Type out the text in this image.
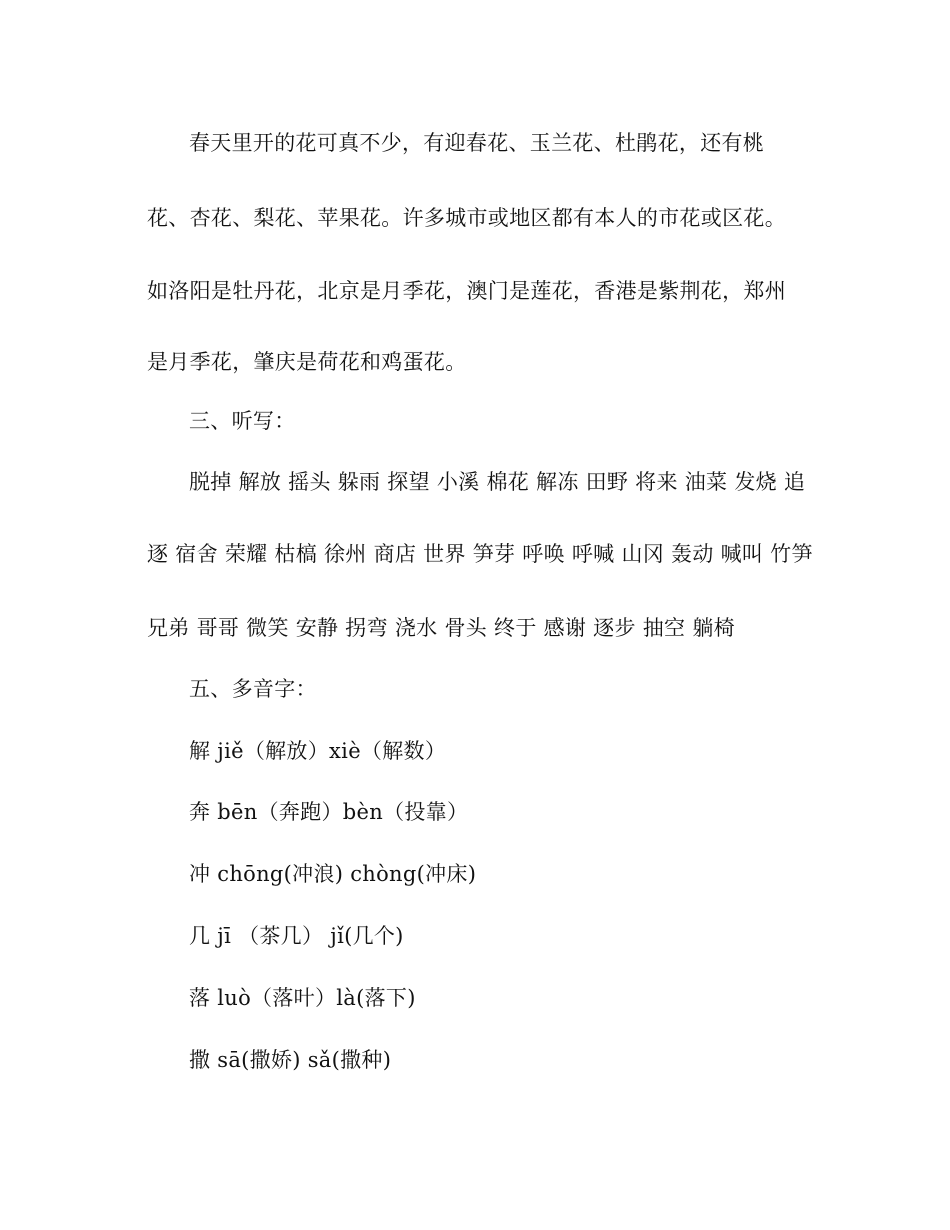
春天里开的花可真不少，有迎春花、玉兰花、杜鹃花，还有桃
花、杏花、梨花、苹果花。许多城市或地区都有本人的市花或区花。
如洛阳是牡丹花，北京是月季花，澳门是莲花，香港是紫荆花，郑州
是月季花，肇庆是荷花和鸡蛋花。
三、听写：
脱掉 解放 摇头 躲雨 探望 小溪 棉花 解冻 田野 将来 油菜 发烧 追
逐 宿舍 荣耀 枯槁 徐州 商店 世界 笋芽 呼唤 呼喊 山冈 轰动 喊叫 竹笋
兄弟 哥哥 微笑 安静 拐弯 浇水 骨头 终于 感谢 逐步 抽空 躺椅
五、多音字：
解 jiě（解放）xiè（解数）
奔 bēn（奔跑）bèn（投靠）
冲 chōng(冲浪) chòng(冲床)
几 jī （茶几） jǐ(几个)
落 luò（落叶）là(落下)
撒 sā(撒娇) sǎ(撒种)
